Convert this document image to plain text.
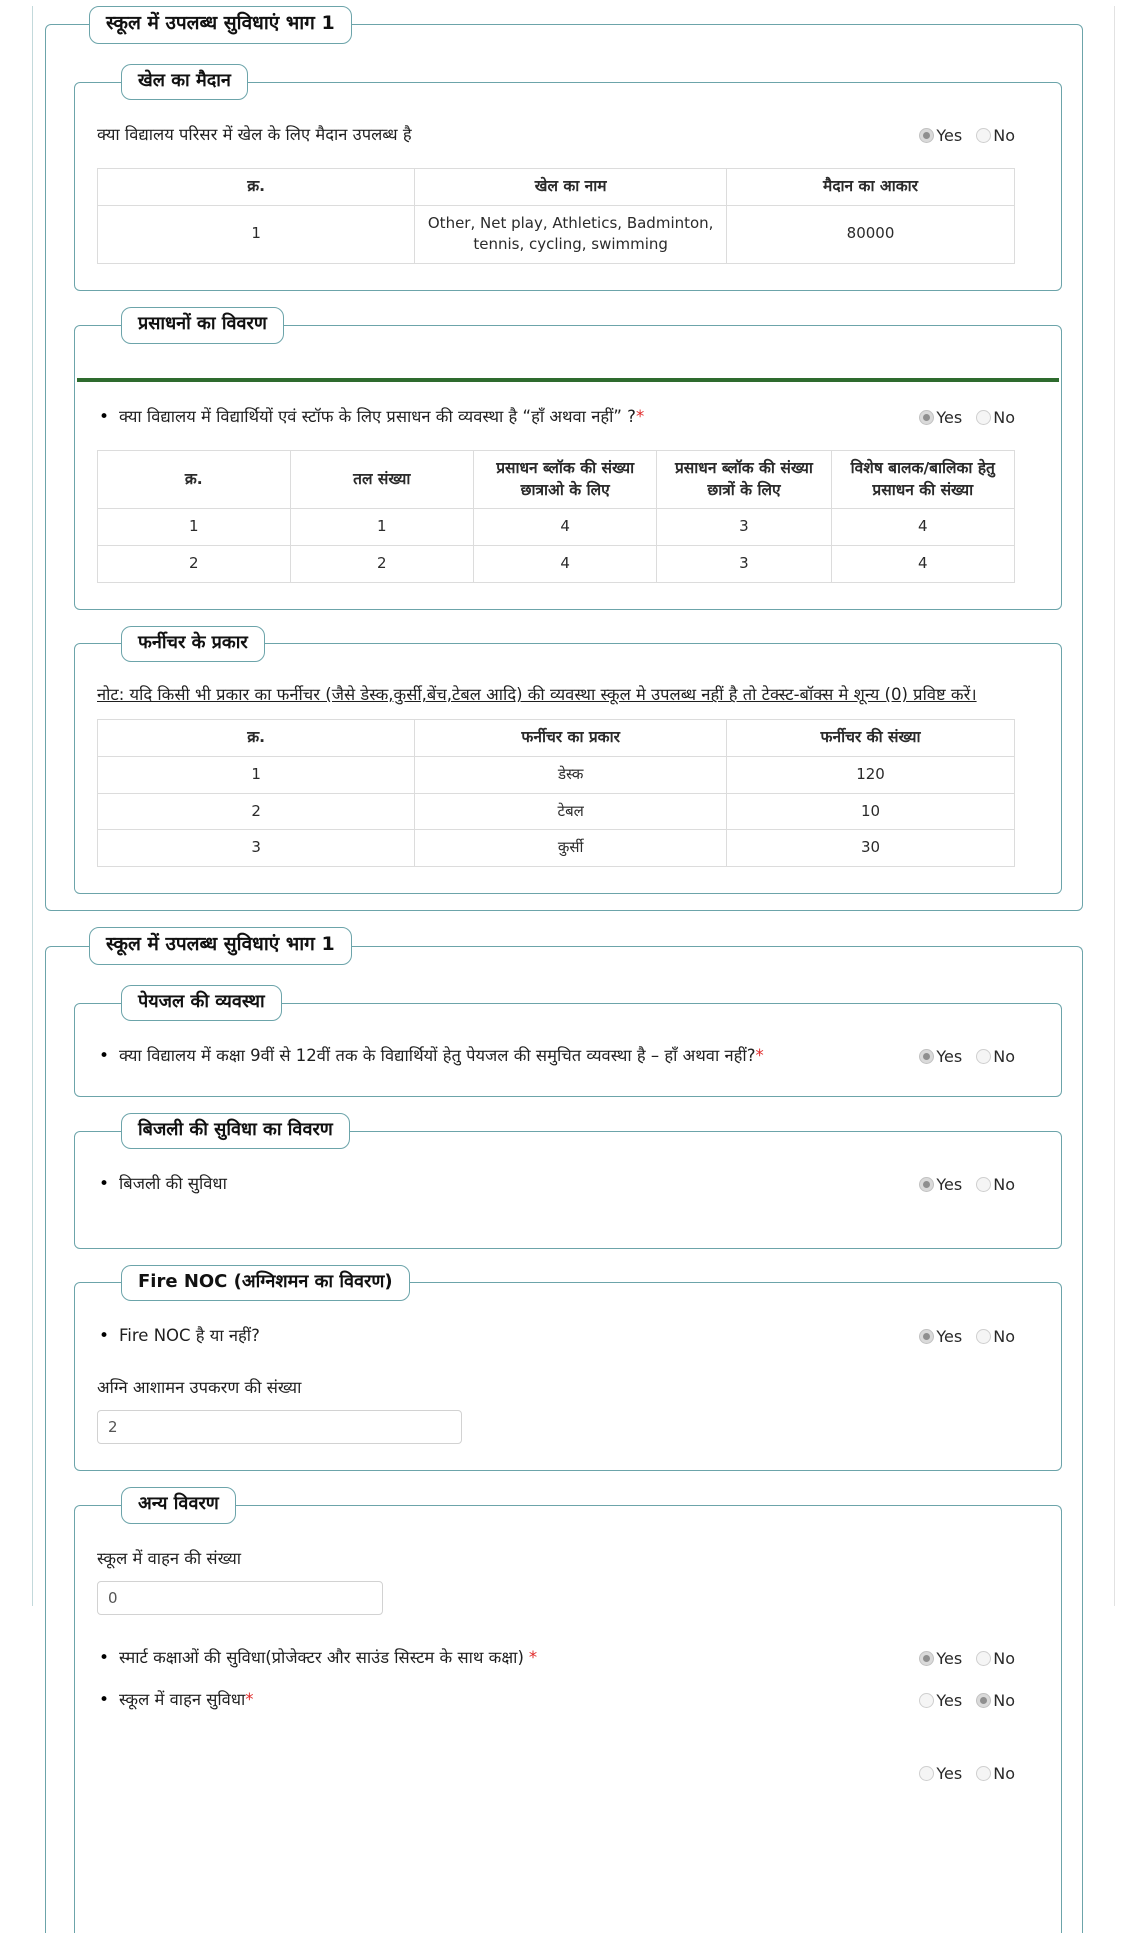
स्कूल में उपलब्ध सुविधाएं भाग 1
खेल का मैदान
क्या विद्यालय परिसर में खेल के लिए मैदान उपलब्ध है	Yes No
क्र.	खेल का नाम	मैदान का आकार
1	Other, Net play, Athletics, Badminton, tennis, cycling, swimming	80000
प्रसाधनों का विवरण
• क्या विद्यालय में विद्यार्थियों एवं स्टॉफ के लिए प्रसाधन की व्यवस्था है “हाँ अथवा नहीं” ?*	Yes No
क्र.	तल संख्या	प्रसाधन ब्लॉक की संख्या छात्राओ के लिए	प्रसाधन ब्लॉक की संख्या छात्रों के लिए	विशेष बालक/बालिका हेतु प्रसाधन की संख्या
1	1	4	3	4
2	2	4	3	4
फर्नीचर के प्रकार
नोट: यदि किसी भी प्रकार का फर्नीचर (जैसे डेस्क,कुर्सी,बेंच,टेबल आदि) की व्यवस्था स्कूल मे उपलब्ध नहीं है तो टेक्स्ट-बॉक्स मे शून्य (0) प्रविष्ट करें।
क्र.	फर्नीचर का प्रकार	फर्नीचर की संख्या
1	डेस्क	120
2	टेबल	10
3	कुर्सी	30
स्कूल में उपलब्ध सुविधाएं भाग 1
पेयजल की व्यवस्था
• क्या विद्यालय में कक्षा 9वीं से 12वीं तक के विद्यार्थियों हेतु पेयजल की समुचित व्यवस्था है – हाँ अथवा नहीं?*	Yes No
बिजली की सुविधा का विवरण
• बिजली की सुविधा	Yes No
Fire NOC (अग्निशमन का विवरण)
• Fire NOC है या नहीं?	Yes No
अग्नि आशामन उपकरण की संख्या
2
अन्य विवरण
स्कूल में वाहन की संख्या
0
• स्मार्ट कक्षाओं की सुविधा(प्रोजेक्टर और साउंड सिस्टम के साथ कक्षा) *	Yes No
• स्कूल में वाहन सुविधा*	Yes No
Yes No
